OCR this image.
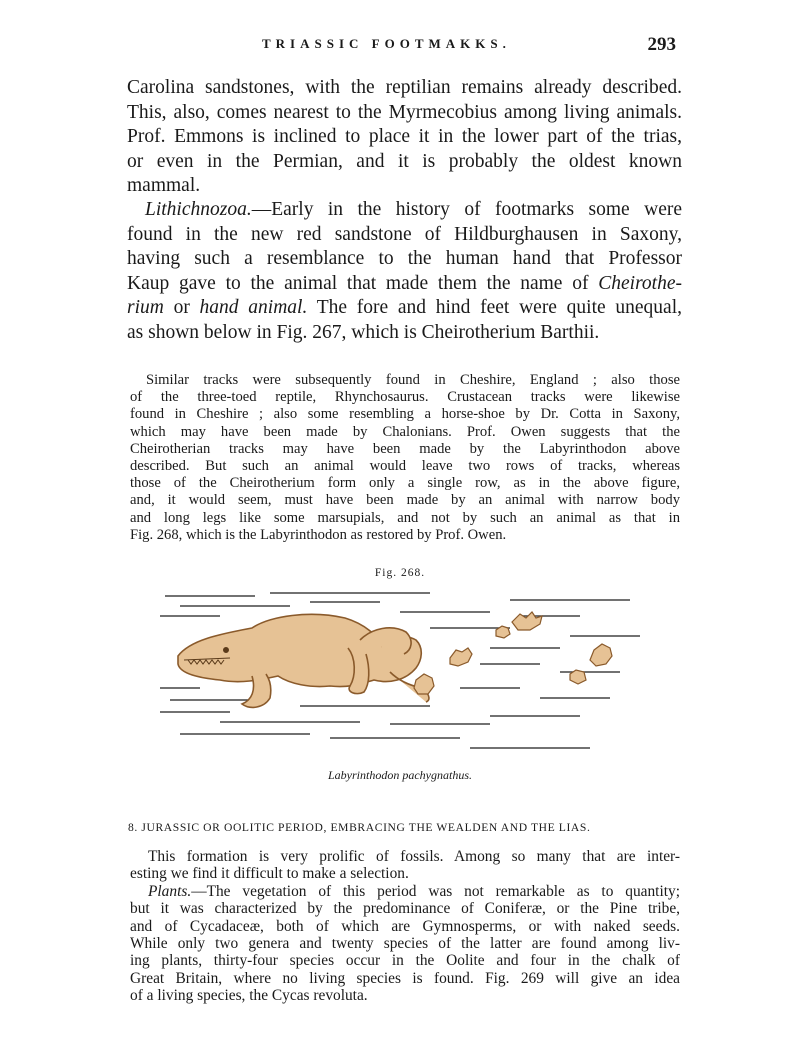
TRIASSIC FOOTMAKKS.	293

Carolina sandstones, with the reptilian remains already described.
This, also, comes nearest to the Myrmecobius among living animals.
Prof. Emmons is inclined to place it in the lower part of the trias,
or even in the Permian, and it is probably the oldest known
mammal.

Lithichnozoa.—Early in the history of footmarks some were
found in the new red sandstone of Hildburghausen in Saxony,
having such a resemblance to the human hand that Professor
Kaup gave to the animal that made them the name of Cheirothe-
rium or hand animal. The fore and hind feet were quite unequal,
as shown below in Fig. 267, which is Cheirotherium Barthii.

Similar tracks were subsequently found in Cheshire, England ; also those
of the three-toed reptile, Rhynchosaurus. Crustacean tracks were likewise
found in Cheshire ; also some resembling a horse-shoe by Dr. Cotta in Saxony,
which may have been made by Chalonians. Prof. Owen suggests that the
Cheirotherian tracks may have been made by the Labyrinthodon above
described. But such an animal would leave two rows of tracks, whereas
those of the Cheirotherium form only a single row, as in the above figure,
and, it would seem, must have been made by an animal with narrow body
and long legs like some marsupials, and not by such an animal as that in
Fig. 268, which is the Labyrinthodon as restored by Prof. Owen.

Fig. 268.
Labyrinthodon pachygnathus.
8. JURASSIC OR OOLITIC PERIOD, EMBRACING THE WEALDEN AND THE LIAS.

This formation is very prolific of fossils. Among so many that are inter-
esting we find it difficult to make a selection.
Plants.—The vegetation of this period was not remarkable as to quantity;
but it was characterized by the predominance of Coniferæ, or the Pine tribe,
and of Cycadaceæ, both of which are Gymnosperms, or with naked seeds.
While only two genera and twenty species of the latter are found among liv-
ing plants, thirty-four species occur in the Oolite and four in the chalk of
Great Britain, where no living species is found. Fig. 269 will give an idea
of a living species, the Cycas revoluta.
